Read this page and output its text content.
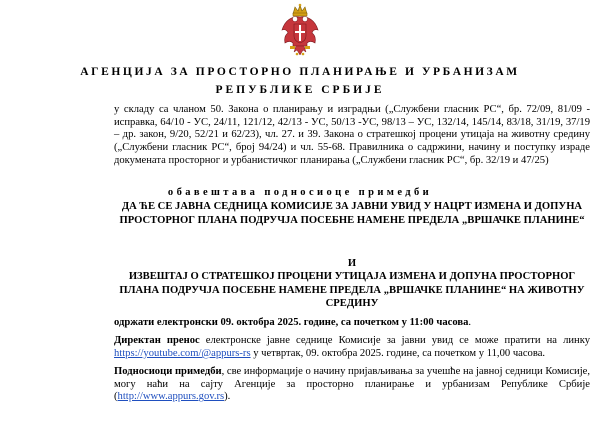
АГЕНЦИЈА ЗА ПРОСТОРНО ПЛАНИРАЊЕ И УРБАНИЗАМ
РЕПУБЛИКЕ СРБИЈЕ

у складу са чланом 50. Закона о планирању и изградњи („Службени гласник РС“, бр. 72/09, 81/09 - исправка, 64/10 - УС, 24/11, 121/12, 42/13 - УС, 50/13 -УС, 98/13 – УС, 132/14, 145/14, 83/18, 31/19, 37/19 – др. закон, 9/20, 52/21 и 62/23), чл. 27. и 39. Закона о стратешкој процени утицаја на животну средину („Службени гласник РС“, број 94/24) и чл. 55-68. Правилника о садржини, начину и поступку израде докумената просторног и урбанистичког планирања („Службени гласник РС“, бр. 32/19 и 47/25)

обавештава подносиоце примедби

ДА ЋЕ СЕ ЈАВНА СЕДНИЦА КОМИСИЈЕ ЗА ЈАВНИ УВИД У НАЦРТ ИЗМЕНА И ДОПУНА ПРОСТОРНОГ ПЛАНА ПОДРУЧЈА ПОСЕБНЕ НАМЕНЕ ПРЕДЕЛА „ВРШАЧКЕ ПЛАНИНЕ“

И

ИЗВЕШТАЈ О СТРАТЕШКОЈ ПРОЦЕНИ УТИЦАЈА ИЗМЕНА И ДОПУНА ПРОСТОРНОГ ПЛАНА ПОДРУЧЈА ПОСЕБНЕ НАМЕНЕ ПРЕДЕЛА „ВРШАЧКЕ ПЛАНИНЕ“ НА ЖИВОТНУ СРЕДИНУ

одржати електронски 09. октобра 2025. године, са почетком у 11:00 часова.

Директан пренос електронске јавне седнице Комисије за јавни увид се може пратити на линку https://youtube.com/@appurs-rs у четвртак, 09. октобра 2025. године, са почетком у 11,00 часова.

Подносиоци примедби, све информације о начину пријављивања за учешће на јавној седници Комисије, могу наћи на сајту Агенције за просторно планирање и урбанизам Републике Србије (http://www.appurs.gov.rs).
